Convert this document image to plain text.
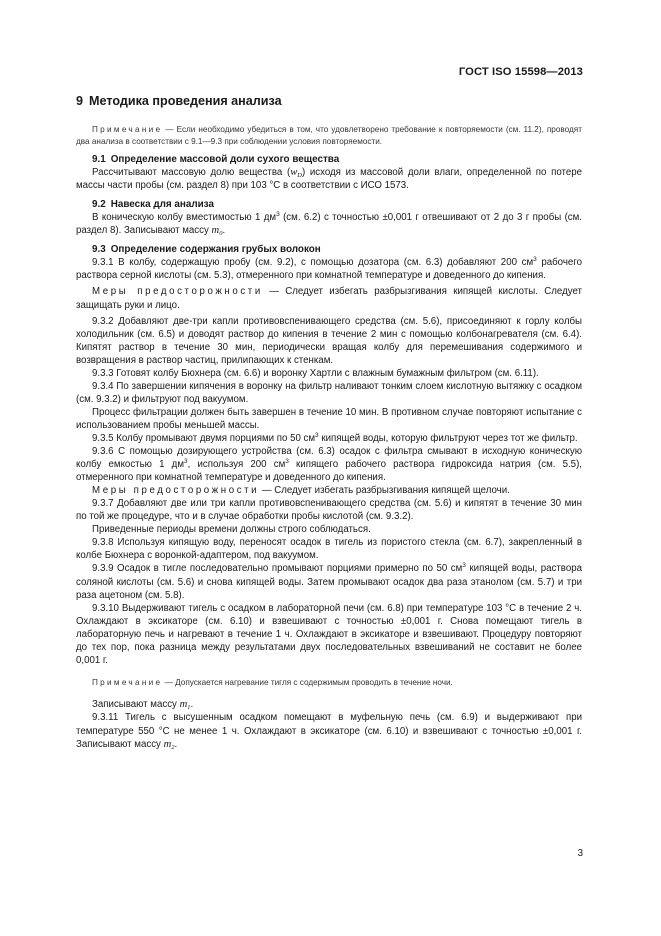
ГОСТ ISO 15598—2013
9 Методика проведения анализа

Примечание — Если необходимо убедиться в том, что удовлетворено требование к повторяемости (см. 11.2), проводят два анализа в соответствии с 9.1—9.3 при соблюдении условия повторяемости.

9.1 Определение массовой доли сухого вещества

Рассчитывают массовую долю вещества $(w_D)$ исходя из массовой доли влаги, определенной по потере массы части пробы (см. раздел 8) при 103 °С в соответствии с ИСО 1573.

9.2 Навеска для анализа

В коническую колбу вместимостью 1 $дм^3$ (см. 6.2) с точностью ±0,001 г отвешивают от 2 до 3 г пробы (см. раздел 8). Записывают массу $m_0$.

9.3 Определение содержания грубых волокон

9.3.1 В колбу, содержащую пробу (см. 9.2), с помощью дозатора (см. 6.3) добавляют 200 $см^3$ рабочего раствора серной кислоты (см. 5.3), отмеренного при комнатной температуре и доведенного до кипения.

Меры предосторожности — Следует избегать разбрызгивания кипящей кислоты. Следует защищать руки и лицо.

9.3.2 Добавляют две-три капли противовспенивающего средства (см. 5.6), присоединяют к горлу колбы холодильник (см. 6.5) и доводят раствор до кипения в течение 2 мин с помощью колбонагревателя (см. 6.4). Кипятят раствор в течение 30 мин, периодически вращая колбу для перемешивания содержимого и возвращения в раствор частиц, прилипающих к стенкам.

9.3.3 Готовят колбу Бюхнера (см. 6.6) и воронку Хартли с влажным бумажным фильтром (см. 6.11).

9.3.4 По завершении кипячения в воронку на фильтр наливают тонким слоем кислотную вытяжку с осадком (см. 9.3.2) и фильтруют под вакуумом.

Процесс фильтрации должен быть завершен в течение 10 мин. В противном случае повторяют испытание с использованием пробы меньшей массы.

9.3.5 Колбу промывают двумя порциями по 50 $см^3$ кипящей воды, которую фильтруют через тот же фильтр.

9.3.6 С помощью дозирующего устройства (см. 6.3) осадок с фильтра смывают в исходную коническую колбу емкостью 1 $дм^3$, используя 200 $см^3$ кипящего рабочего раствора гидроксида натрия (см. 5.5), отмеренного при комнатной температуре и доведенного до кипения.

Меры предосторожности — Следует избегать разбрызгивания кипящей щелочи.

9.3.7 Добавляют две или три капли противовспенивающего средства (см. 5.6) и кипятят в течение 30 мин по той же процедуре, что и в случае обработки пробы кислотой (см. 9.3.2).

Приведенные периоды времени должны строго соблюдаться.

9.3.8 Используя кипящую воду, переносят осадок в тигель из пористого стекла (см. 6.7), закрепленный в колбе Бюхнера с воронкой-адаптером, под вакуумом.

9.3.9 Осадок в тигле последовательно промывают порциями примерно по 50 $см^3$ кипящей воды, раствора соляной кислоты (см. 5.6) и снова кипящей воды. Затем промывают осадок два раза этанолом (см. 5.7) и три раза ацетоном (см. 5.8).

9.3.10 Выдерживают тигель с осадком в лабораторной печи (см. 6.8) при температуре 103 °С в течение 2 ч. Охлаждают в эксикаторе (см. 6.10) и взвешивают с точностью ±0,001 г. Снова помещают тигель в лабораторную печь и нагревают в течение 1 ч. Охлаждают в эксикаторе и взвешивают. Процедуру повторяют до тех пор, пока разница между результатами двух последовательных взвешиваний не составит не более 0,001 г.

Примечание — Допускается нагревание тигля с содержимым проводить в течение ночи.

Записывают массу $m_1$.

9.3.11 Тигель с высушенным осадком помещают в муфельную печь (см. 6.9) и выдерживают при температуре 550 °С не менее 1 ч. Охлаждают в эксикаторе (см. 6.10) и взвешивают с точностью ±0,001 г. Записывают массу $m_2$.

3
